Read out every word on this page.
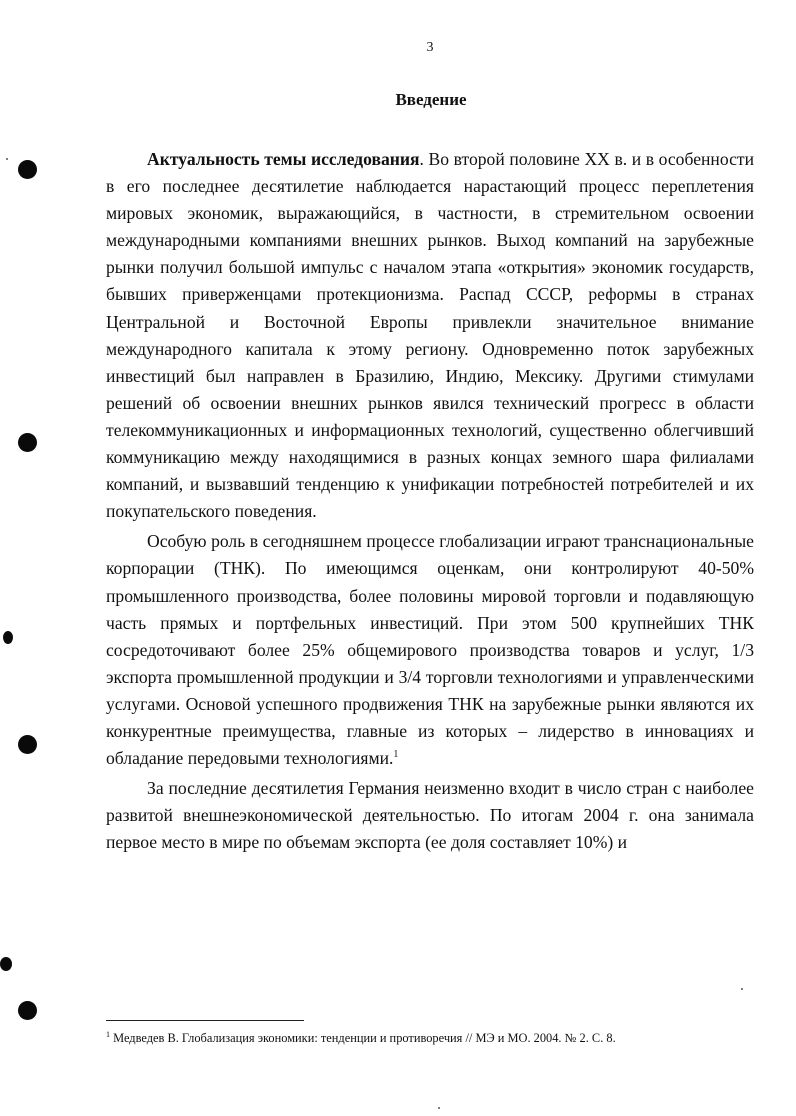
3
Введение

Актуальность темы исследования. Во второй половине XX в. и в особенности в его последнее десятилетие наблюдается нарастающий процесс переплетения мировых экономик, выражающийся, в частности, в стремительном освоении международными компаниями внешних рынков. Выход компаний на зарубежные рынки получил большой импульс с началом этапа «открытия» экономик государств, бывших приверженцами протекционизма. Распад СССР, реформы в странах Центральной и Восточной Европы привлекли значительное внимание международного капитала к этому региону. Одновременно поток зарубежных инвестиций был направлен в Бразилию, Индию, Мексику. Другими стимулами решений об освоении внешних рынков явился технический прогресс в области телекоммуникационных и информационных технологий, существенно облегчивший коммуникацию между находящимися в разных концах земного шара филиалами компаний, и вызвавший тенденцию к унификации потребностей потребителей и их покупательского поведения.

Особую роль в сегодняшнем процессе глобализации играют транснациональные корпорации (ТНК). По имеющимся оценкам, они контролируют 40-50% промышленного производства, более половины мировой торговли и подавляющую часть прямых и портфельных инвестиций. При этом 500 крупнейших ТНК сосредоточивают более 25% общемирового производства товаров и услуг, 1/3 экспорта промышленной продукции и 3/4 торговли технологиями и управленческими услугами. Основой успешного продвижения ТНК на зарубежные рынки являются их конкурентные преимущества, главные из которых – лидерство в инновациях и обладание передовыми технологиями.$^1$

За последние десятилетия Германия неизменно входит в число стран с наиболее развитой внешнеэкономической деятельностью. По итогам 2004 г. она занимала первое место в мире по объемам экспорта (ее доля составляет 10%) и

$^1$ Медведев В. Глобализация экономики: тенденции и противоречия // МЭ и МО. 2004. № 2. С. 8.
